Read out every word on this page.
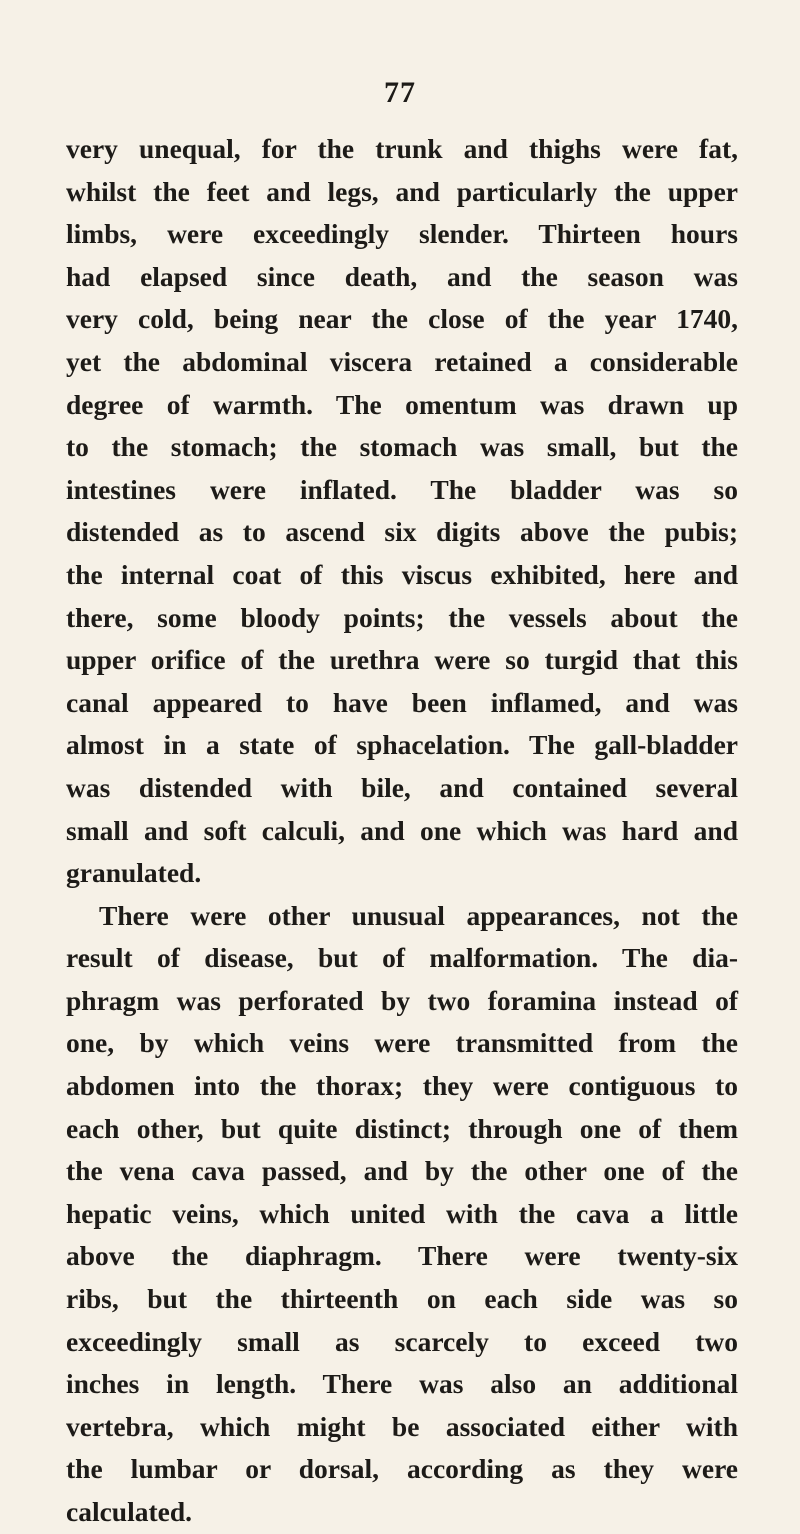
77
very unequal, for the trunk and thighs were fat,
whilst the feet and legs, and particularly the upper
limbs, were exceedingly slender. Thirteen hours
had elapsed since death, and the season was
very cold, being near the close of the year 1740,
yet the abdominal viscera retained a considerable
degree of warmth. The omentum was drawn up
to the stomach; the stomach was small, but the
intestines were inflated. The bladder was so
distended as to ascend six digits above the pubis;
the internal coat of this viscus exhibited, here and
there, some bloody points; the vessels about the
upper orifice of the urethra were so turgid that this
canal appeared to have been inflamed, and was
almost in a state of sphacelation. The gall-bladder
was distended with bile, and contained several
small and soft calculi, and one which was hard and
granulated.
There were other unusual appearances, not the
result of disease, but of malformation. The dia-
phragm was perforated by two foramina instead of
one, by which veins were transmitted from the
abdomen into the thorax; they were contiguous to
each other, but quite distinct; through one of them
the vena cava passed, and by the other one of the
hepatic veins, which united with the cava a little
above the diaphragm. There were twenty-six
ribs, but the thirteenth on each side was so
exceedingly small as scarcely to exceed two
inches in length. There was also an additional
vertebra, which might be associated either with
the lumbar or dorsal, according as they were
calculated.
